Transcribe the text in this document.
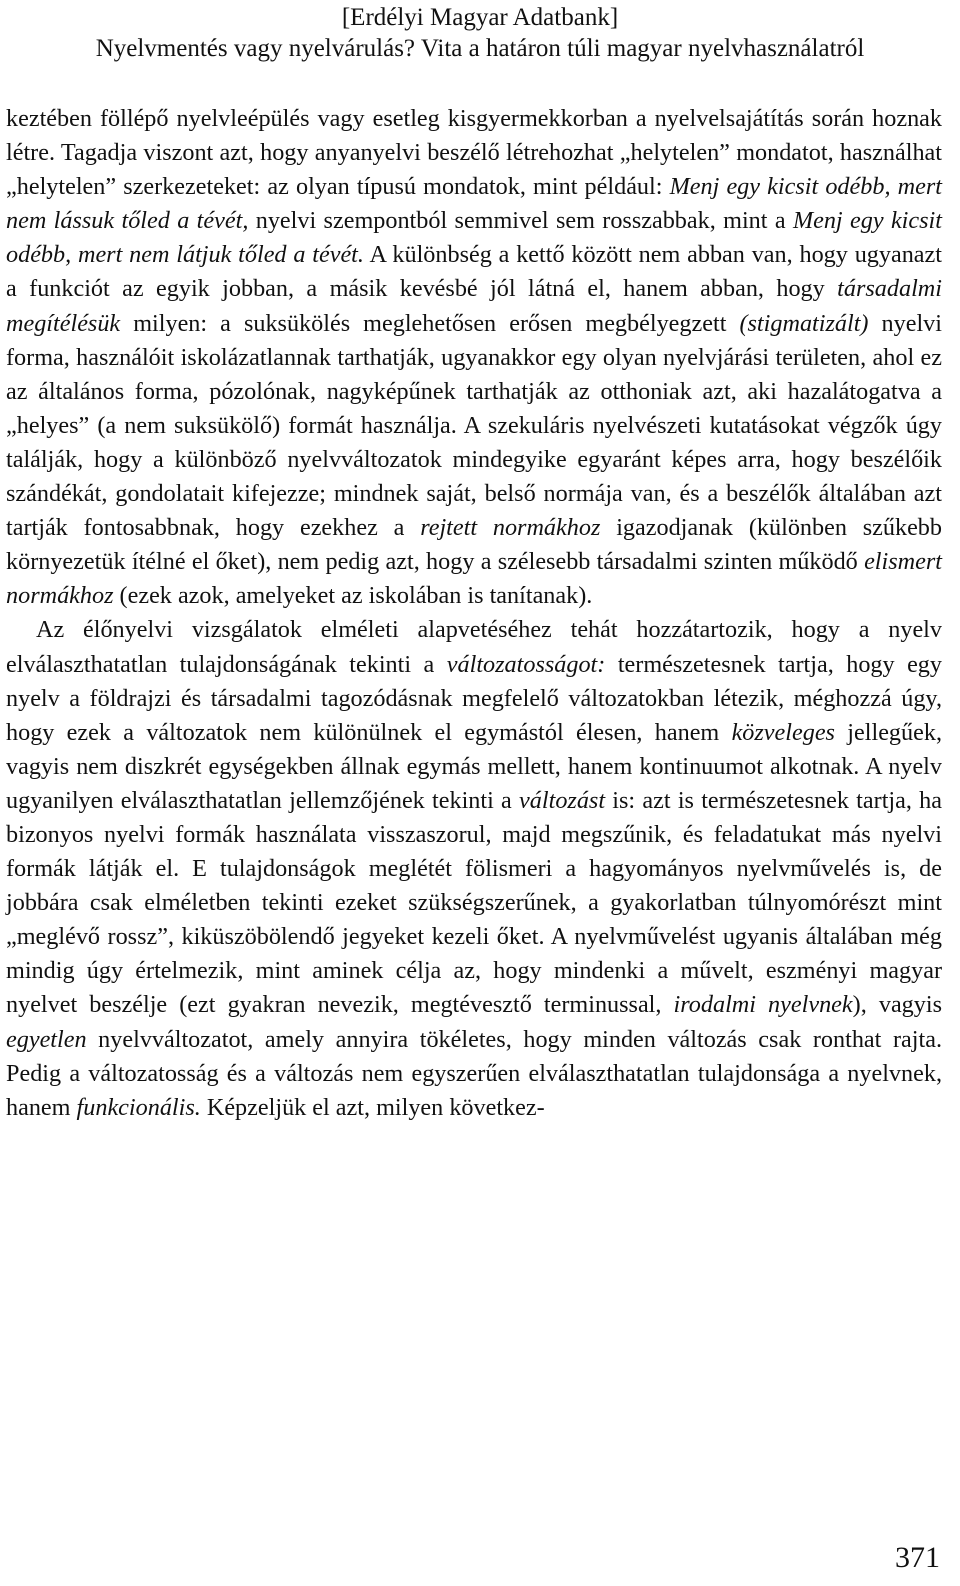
[Erdélyi Magyar Adatbank]
Nyelvmentés vagy nyelvárulás? Vita a határon túli magyar nyelvhasználatról

keztében föllépő nyelvleépülés vagy esetleg kisgyermekkorban a nyelvelsajátítás során hoznak létre. Tagadja viszont azt, hogy anyanyelvi beszélő létrehozhat „helytelen” mondatot, használhat „helytelen” szerkezeteket: az olyan típusú mondatok, mint például: Menj egy kicsit odébb, mert nem lássuk tőled a tévét, nyelvi szempontból semmivel sem rosszabbak, mint a Menj egy kicsit odébb, mert nem látjuk tőled a tévét. A különbség a kettő között nem abban van, hogy ugyanazt a funkciót az egyik jobban, a másik kevésbé jól látná el, hanem abban, hogy társadalmi megítélésük milyen: a suksükölés meglehetősen erősen megbélyegzett (stigmatizált) nyelvi forma, használóit iskolázatlannak tarthatják, ugyanakkor egy olyan nyelvjárási területen, ahol ez az általános forma, pózolónak, nagyképűnek tarthatják az otthoniak azt, aki hazalátogatva a „helyes” (a nem suksükölő) formát használja. A szekuláris nyelvészeti kutatásokat végzők úgy találják, hogy a különböző nyelvváltozatok mindegyike egyaránt képes arra, hogy beszélőik szándékát, gondolatait kifejezze; mindnek saját, belső normája van, és a beszélők általában azt tartják fontosabbnak, hogy ezekhez a rejtett normákhoz igazodjanak (különben szűkebb környezetük ítélné el őket), nem pedig azt, hogy a szélesebb társadalmi szinten működő elismert normákhoz (ezek azok, amelyeket az iskolában is tanítanak).

Az élőnyelvi vizsgálatok elméleti alapvetéséhez tehát hozzátartozik, hogy a nyelv elválaszthatatlan tulajdonságának tekinti a változatosságot: természetesnek tartja, hogy egy nyelv a földrajzi és társadalmi tagozódásnak megfelelő változatokban létezik, méghozzá úgy, hogy ezek a változatok nem különülnek el egymástól élesen, hanem közveleges jellegűek, vagyis nem diszkrét egységekben állnak egymás mellett, hanem kontinuumot alkotnak. A nyelv ugyanilyen elválaszthatatlan jellemzőjének tekinti a változást is: azt is természetesnek tartja, ha bizonyos nyelvi formák használata visszaszorul, majd megszűnik, és feladatukat más nyelvi formák látják el. E tulajdonságok meglétét fölismeri a hagyományos nyelvművelés is, de jobbára csak elméletben tekinti ezeket szükségszerűnek, a gyakorlatban túlnyomórészt mint „meglévő rossz”, kiküszöbölendő jegyeket kezeli őket. A nyelvművelést ugyanis általában még mindig úgy értelmezik, mint aminek célja az, hogy mindenki a művelt, eszményi magyar nyelvet beszélje (ezt gyakran nevezik, megtévesztő terminussal, irodalmi nyelvnek), vagyis egyetlen nyelvváltozatot, amely annyira tökéletes, hogy minden változás csak ronthat rajta. Pedig a változatosság és a változás nem egyszerűen elválaszthatatlan tulajdonsága a nyelvnek, hanem funkcionális. Képzeljük el azt, milyen következ-

371
